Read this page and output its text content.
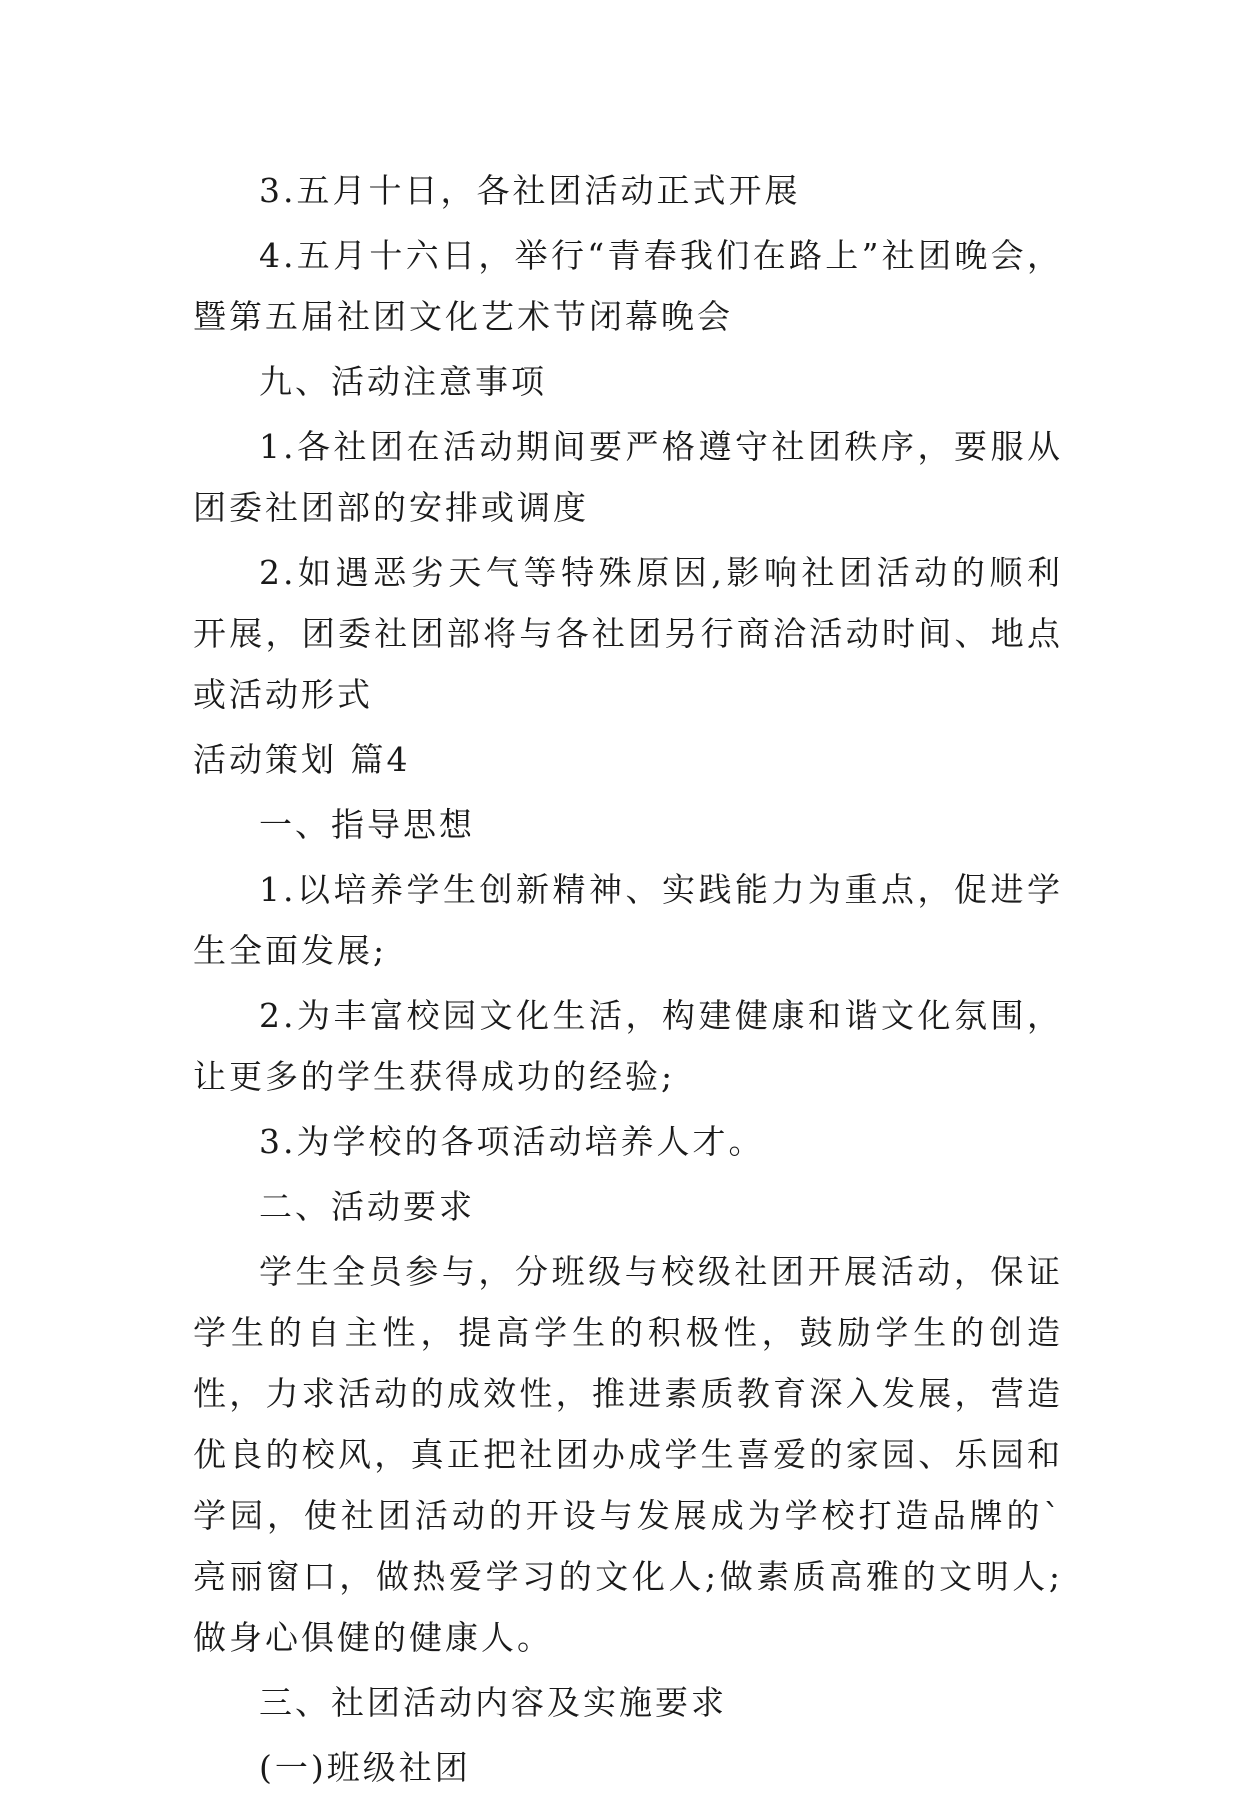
3.五月十日，各社团活动正式开展

4.五月十六日，举行“青春我们在路上”社团晚会，暨第五届社团文化艺术节闭幕晚会

九、活动注意事项

1.各社团在活动期间要严格遵守社团秩序，要服从团委社团部的安排或调度

2.如遇恶劣天气等特殊原因,影响社团活动的顺利开展，团委社团部将与各社团另行商洽活动时间、地点或活动形式

活动策划 篇4

一、指导思想

1.以培养学生创新精神、实践能力为重点，促进学生全面发展;

2.为丰富校园文化生活，构建健康和谐文化氛围，让更多的学生获得成功的经验;

3.为学校的各项活动培养人才。

二、活动要求

学生全员参与，分班级与校级社团开展活动，保证学生的自主性，提高学生的积极性，鼓励学生的创造性，力求活动的成效性，推进素质教育深入发展，营造优良的校风，真正把社团办成学生喜爱的家园、乐园和学园，使社团活动的开设与发展成为学校打造品牌的`亮丽窗口，做热爱学习的文化人;做素质高雅的文明人;做身心俱健的健康人。

三、社团活动内容及实施要求

(一)班级社团
